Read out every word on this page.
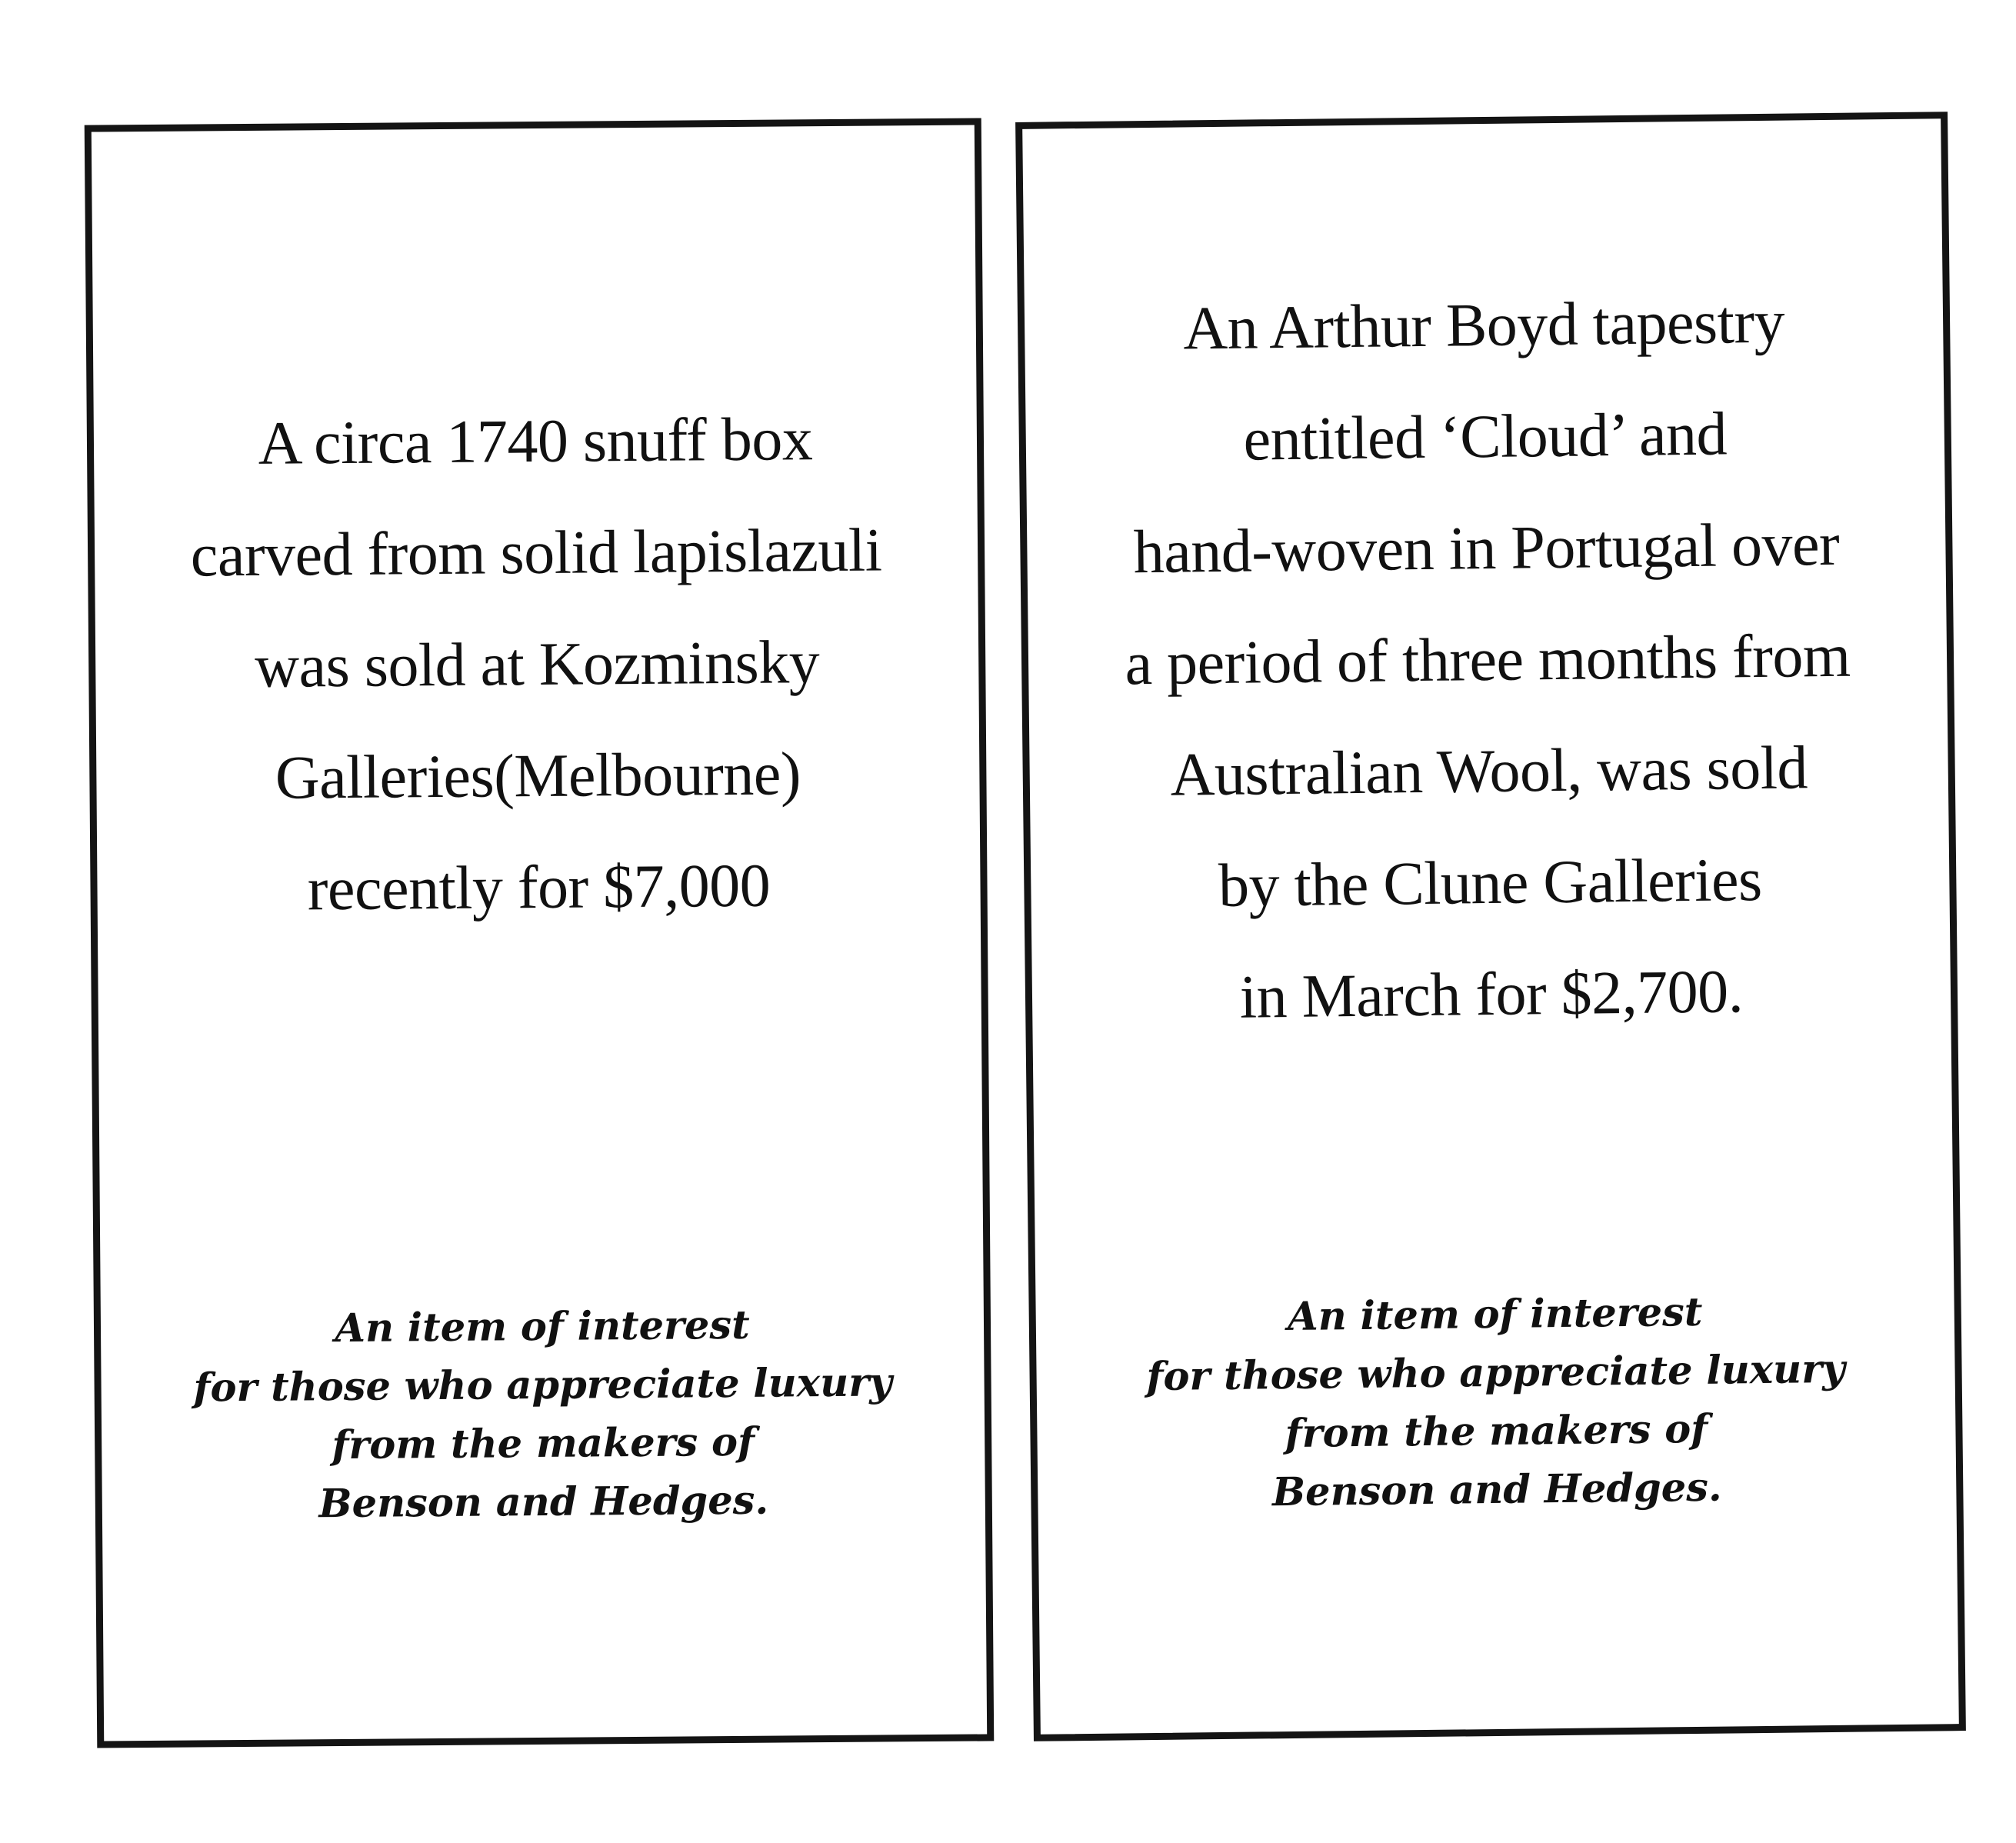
A circa 1740 snuff box
carved from solid lapislazuli
was sold at Kozminsky
Galleries(Melbourne)
recently for $7,000
An item of interest
for those who appreciate luxury
from the makers of
Benson and Hedges.
An Arthur Boyd tapestry
entitled ‘Cloud’ and
hand-woven in Portugal over
a period of three months from
Australian Wool, was sold
by the Clune Galleries
in March for $2,700.
An item of interest
for those who appreciate luxury
from the makers of
Benson and Hedges.
